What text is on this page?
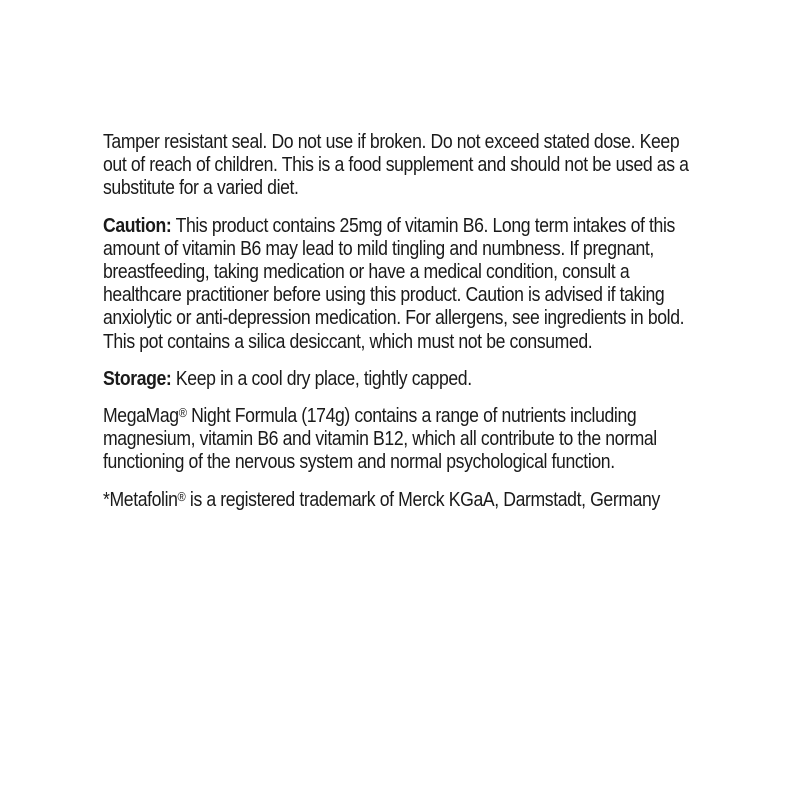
Tamper resistant seal. Do not use if broken. Do not exceed stated dose. Keep out of reach of children. This is a food supplement and should not be used as a substitute for a varied diet.

Caution: This product contains 25mg of vitamin B6. Long term intakes of this amount of vitamin B6 may lead to mild tingling and numbness. If pregnant, breastfeeding, taking medication or have a medical condition, consult a healthcare practitioner before using this product. Caution is advised if taking anxiolytic or anti-depression medication. For allergens, see ingredients in bold. This pot contains a silica desiccant, which must not be consumed.

Storage: Keep in a cool dry place, tightly capped.

MegaMag® Night Formula (174g) contains a range of nutrients including magnesium, vitamin B6 and vitamin B12, which all contribute to the normal functioning of the nervous system and normal psychological function.

*Metafolin® is a registered trademark of Merck KGaA, Darmstadt, Germany
